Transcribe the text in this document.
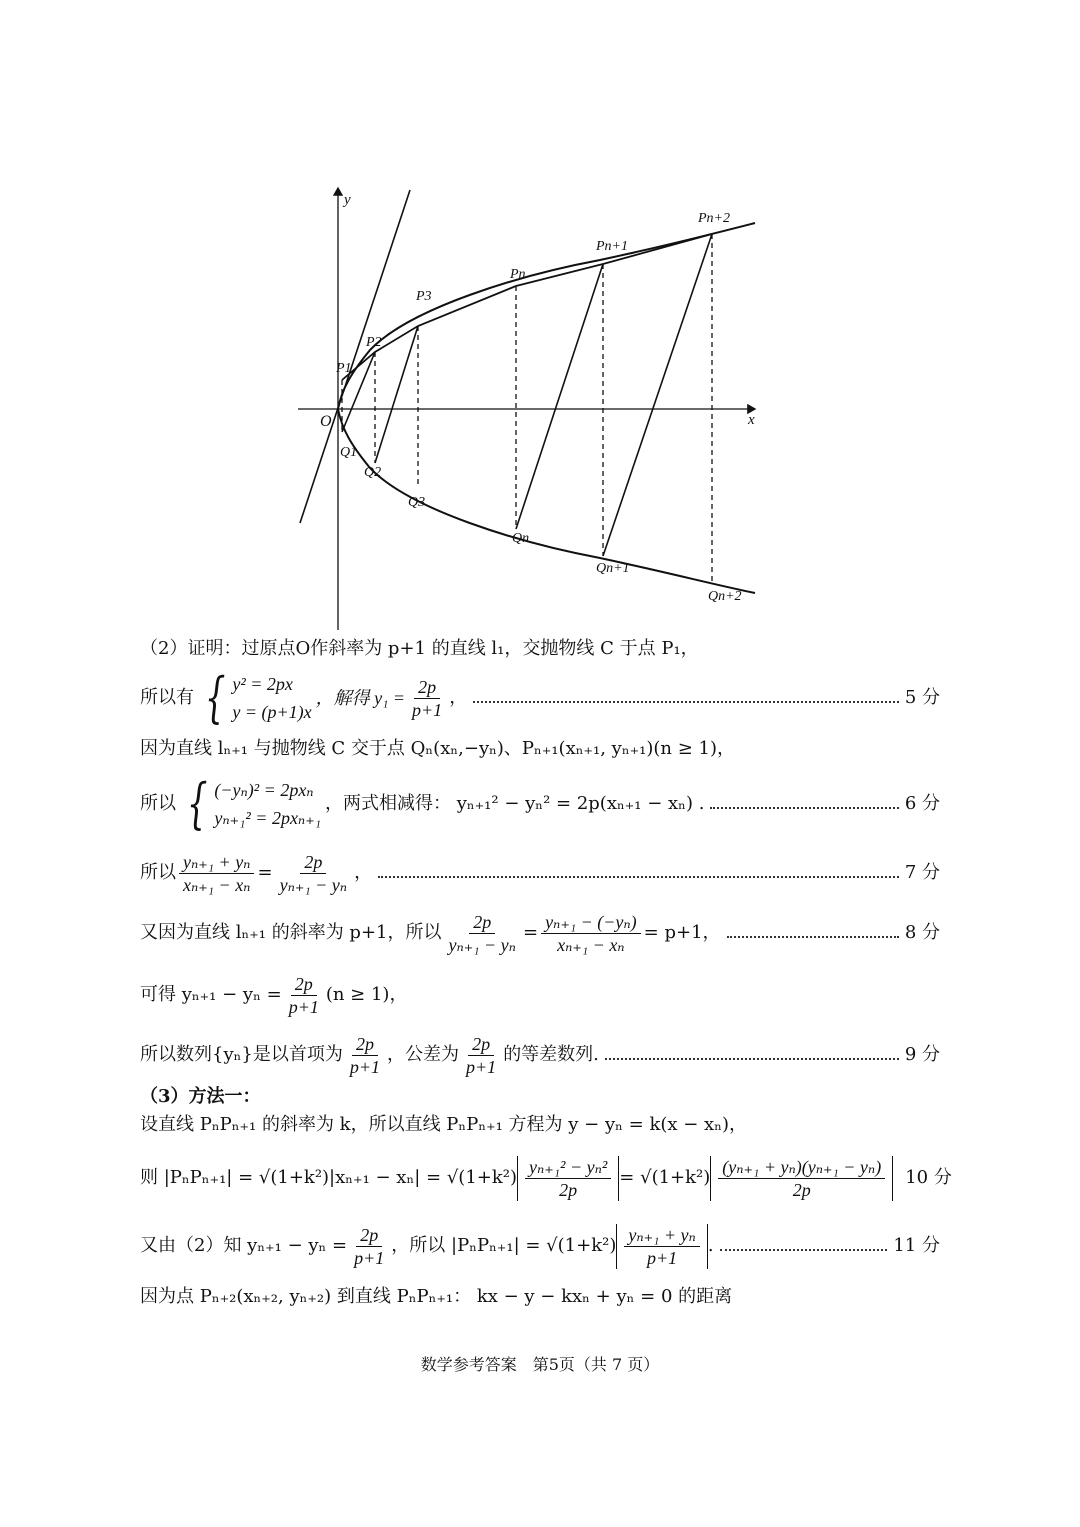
y
x
O
P1
P2
P3
Pn
Pn+1
Pn+2
Q1
Q2
Q3
Qn
Qn+1
Qn+2
（2）证明：过原点O作斜率为 p+1 的直线 l₁，交抛物线 C 于点 P₁，
所以有 { y² = 2px
y = (p+1)x
，解得 $y_1 = \frac{2p}{p+1}$ ，	5 分
因为直线 lₙ₊₁ 与抛物线 C 交于点 Qₙ(xₙ,−yₙ)、Pₙ₊₁(xₙ₊₁, yₙ₊₁)(n ≥ 1)，
所以 { (−yₙ)² = 2pxₙ
yₙ₊₁² = 2pxₙ₊₁
，两式相减得： yₙ₊₁² − yₙ² = 2p(xₙ₊₁ − xₙ) .	6 分
所以 $\frac{\text{yₙ₊₁ + yₙ}}{\text{xₙ₊₁ − xₙ}} = \frac{2p}{\text{yₙ₊₁ − yₙ}}$ ，	7 分
又因为直线 lₙ₊₁ 的斜率为 p+1，所以 $\frac{2p}{\text{yₙ₊₁ − yₙ}} = \frac{\text{yₙ₊₁ − (−yₙ)}}{\text{xₙ₊₁ − xₙ}} = p+1$，	8 分
可得 $y_{n+1} - y_n = \frac{2p}{p+1} (n \ge 1)$，
所以数列{yₙ}是以首项为 $\frac{2p}{p+1}$ ，公差为 $\frac{2p}{p+1}$ 的等差数列.	9 分
（3）方法一：
设直线 PₙPₙ₊₁ 的斜率为 k，所以直线 PₙPₙ₊₁ 方程为 y − yₙ = k(x − xₙ)，
则 $|P_nP_{n+1}| = √(1+k^2)|x_{n+1} - x_n| = √(1+k^2) \frac{\text{yₙ₊₁² − yₙ²}}{2p} = √(1+k^2) \frac{\text{(yₙ₊₁ + yₙ)(yₙ₊₁ − yₙ)}}{2p} 10$ 分
又由（2）知 $y_{n+1} - y_n = \frac{2p}{p+1}$ ，所以 $|P_nP_{n+1}| = √(1+k^2) \frac{\text{yₙ₊₁ + yₙ}}{p+1}$ .	11 分
因为点 Pₙ₊₂(xₙ₊₂, yₙ₊₂) 到直线 PₙPₙ₊₁： kx − y − kxₙ + yₙ = 0 的距离
数学参考答案　第5页（共 7 页）
